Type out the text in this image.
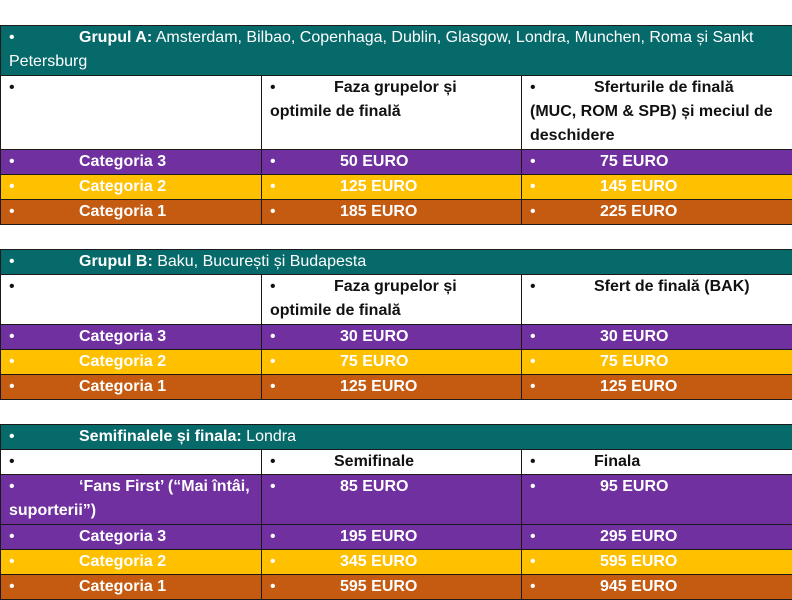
•Grupul A: Amsterdam, Bilbao, Copenhaga, Dublin, Glasgow, Londra, Munchen, Roma și Sankt Petersburg
•	•Faza grupelor și optimile de finală	•Sferturile de finală (MUC, ROM & SPB) și meciul de deschidere
•Categoria 3	•50 EURO	•75 EURO
•Categoria 2	•125 EURO	•145 EURO
•Categoria 1	•185 EURO	•225 EURO
•Grupul B: Baku, București și Budapesta
•	•Faza grupelor și optimile de finală	•Sfert de finală (BAK)
•Categoria 3	•30 EURO	•30 EURO
•Categoria 2	•75 EURO	•75 EURO
•Categoria 1	•125 EURO	•125 EURO
•Semifinalele și finala: Londra
•	•Semifinale	•Finala
•‘Fans First’ (“Mai întâi, suporterii”)	•85 EURO	•95 EURO
•Categoria 3	•195 EURO	•295 EURO
•Categoria 2	•345 EURO	•595 EURO
•Categoria 1	•595 EURO	•945 EURO
